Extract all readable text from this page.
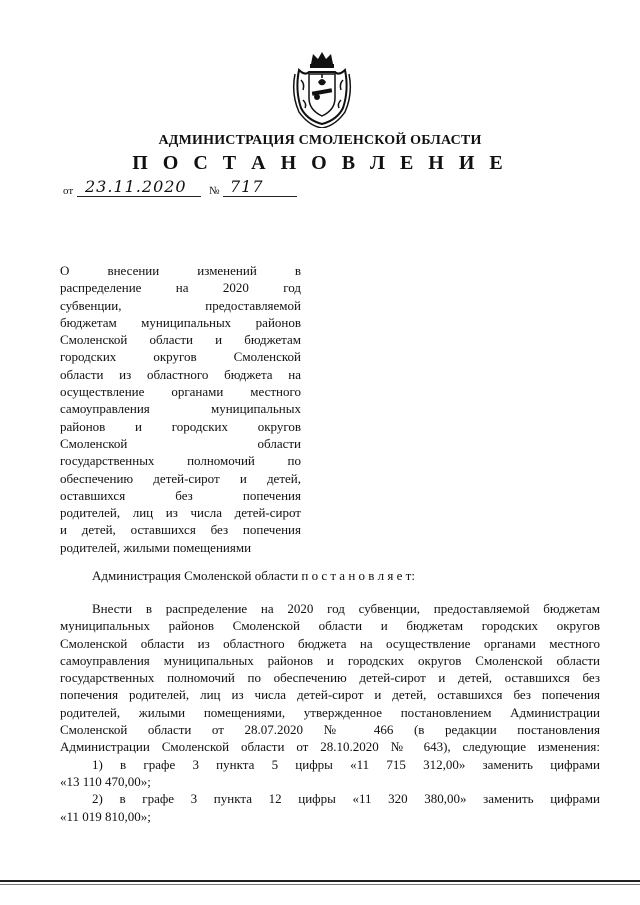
АДМИНИСТРАЦИЯ СМОЛЕНСКОЙ ОБЛАСТИ
П О С Т А Н О В Л Е Н И Е
от 23.11.2020 № 717
О внесении изменений в
распределение на 2020 год
субвенции, предоставляемой
бюджетам муниципальных районов
Смоленской области и бюджетам
городских округов Смоленской
области из областного бюджета на
осуществление органами местного
самоуправления муниципальных
районов и городских округов
Смоленской области
государственных полномочий по
обеспечению детей-сирот и детей,
оставшихся без попечения
родителей, лиц из числа детей-сирот
и детей, оставшихся без попечения
родителей, жилыми помещениями
Администрация Смоленской области п о с т а н о в л я е т:
Внести в распределение на 2020 год субвенции, предоставляемой бюджетам
муниципальных районов Смоленской области и бюджетам городских округов
Смоленской области из областного бюджета на осуществление органами местного
самоуправления муниципальных районов и городских округов Смоленской области
государственных полномочий по обеспечению детей-сирот и детей, оставшихся без
попечения родителей, лиц из числа детей-сирот и детей, оставшихся без попечения
родителей, жилыми помещениями, утвержденное постановлением Администрации
Смоленской области от 28.07.2020 № 466 (в редакции постановления
Администрации Смоленской области от 28.10.2020 № 643), следующие изменения:
1) в графе 3 пункта 5 цифры «11 715 312,00» заменить цифрами
«13 110 470,00»;
2) в графе 3 пункта 12 цифры «11 320 380,00» заменить цифрами
«11 019 810,00»;
